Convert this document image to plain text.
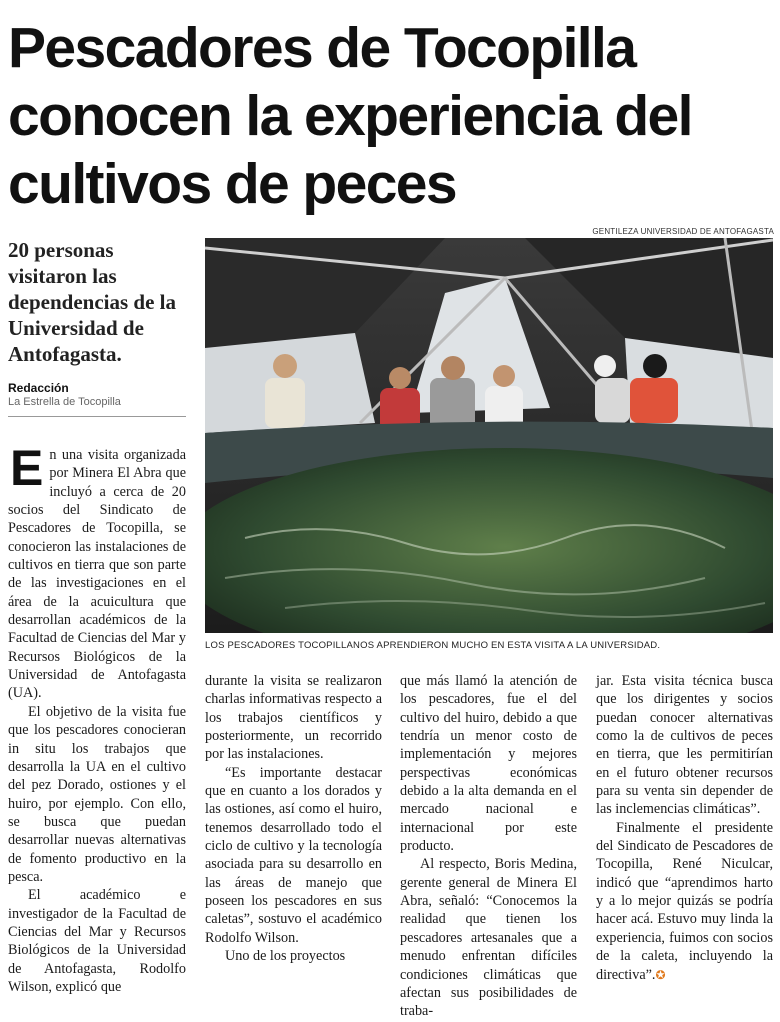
Pescadores de Tocopilla conocen la experiencia del cultivos de peces
GENTILEZA UNIVERSIDAD DE ANTOFAGASTA
20 personas visitaron las dependencias de la Universidad de Antofagasta.
Redacción
La Estrella de Tocopilla
LOS PESCADORES TOCOPILLANOS APRENDIERON MUCHO EN ESTA VISITA A LA UNIVERSIDAD.

En una visita organizada por Minera El Abra que incluyó a cerca de 20 socios del Sindicato de Pescadores de Tocopilla, se conocieron las instalaciones de cultivos en tierra que son parte de las investigaciones en el área de la acuicultura que desarrollan académicos de la Facultad de Ciencias del Mar y Recursos Biológicos de la Universidad de Antofagasta (UA).

El objetivo de la visita fue que los pescadores conocieran in situ los trabajos que desarrolla la UA en el cultivo del pez Dorado, ostiones y el huiro, por ejemplo. Con ello, se busca que puedan desarrollar nuevas alternativas de fomento productivo en la pesca.

El académico e investigador de la Facultad de Ciencias del Mar y Recursos Biológicos de la Universidad de Antofagasta, Rodolfo Wilson, explicó que

durante la visita se realizaron charlas informativas respecto a los trabajos científicos y posteriormente, un recorrido por las instalaciones.

“Es importante destacar que en cuanto a los dorados y las ostiones, así como el huiro, tenemos desarrollado todo el ciclo de cultivo y la tecnología asociada para su desarrollo en las áreas de manejo que poseen los pescadores en sus caletas”, sostuvo el académico Rodolfo Wilson.

Uno de los proyectos

que más llamó la atención de los pescadores, fue el del cultivo del huiro, debido a que tendría un menor costo de implementación y mejores perspectivas económicas debido a la alta demanda en el mercado nacional e internacional por este producto.

Al respecto, Boris Medina, gerente general de Minera El Abra, señaló: “Conocemos la realidad que tienen los pescadores artesanales que a menudo enfrentan difíciles condiciones climáticas que afectan sus posibilidades de traba-

jar. Esta visita técnica busca que los dirigentes y socios puedan conocer alternativas como la de cultivos de peces en tierra, que les permitirían en el futuro obtener recursos para su venta sin depender de las inclemencias climáticas”.

Finalmente el presidente del Sindicato de Pescadores de Tocopilla, René Niculcar, indicó que “aprendimos harto y a lo mejor quizás se podría hacer acá. Estuvo muy linda la experiencia, fuimos con socios de la caleta, incluyendo la directiva”.✪
